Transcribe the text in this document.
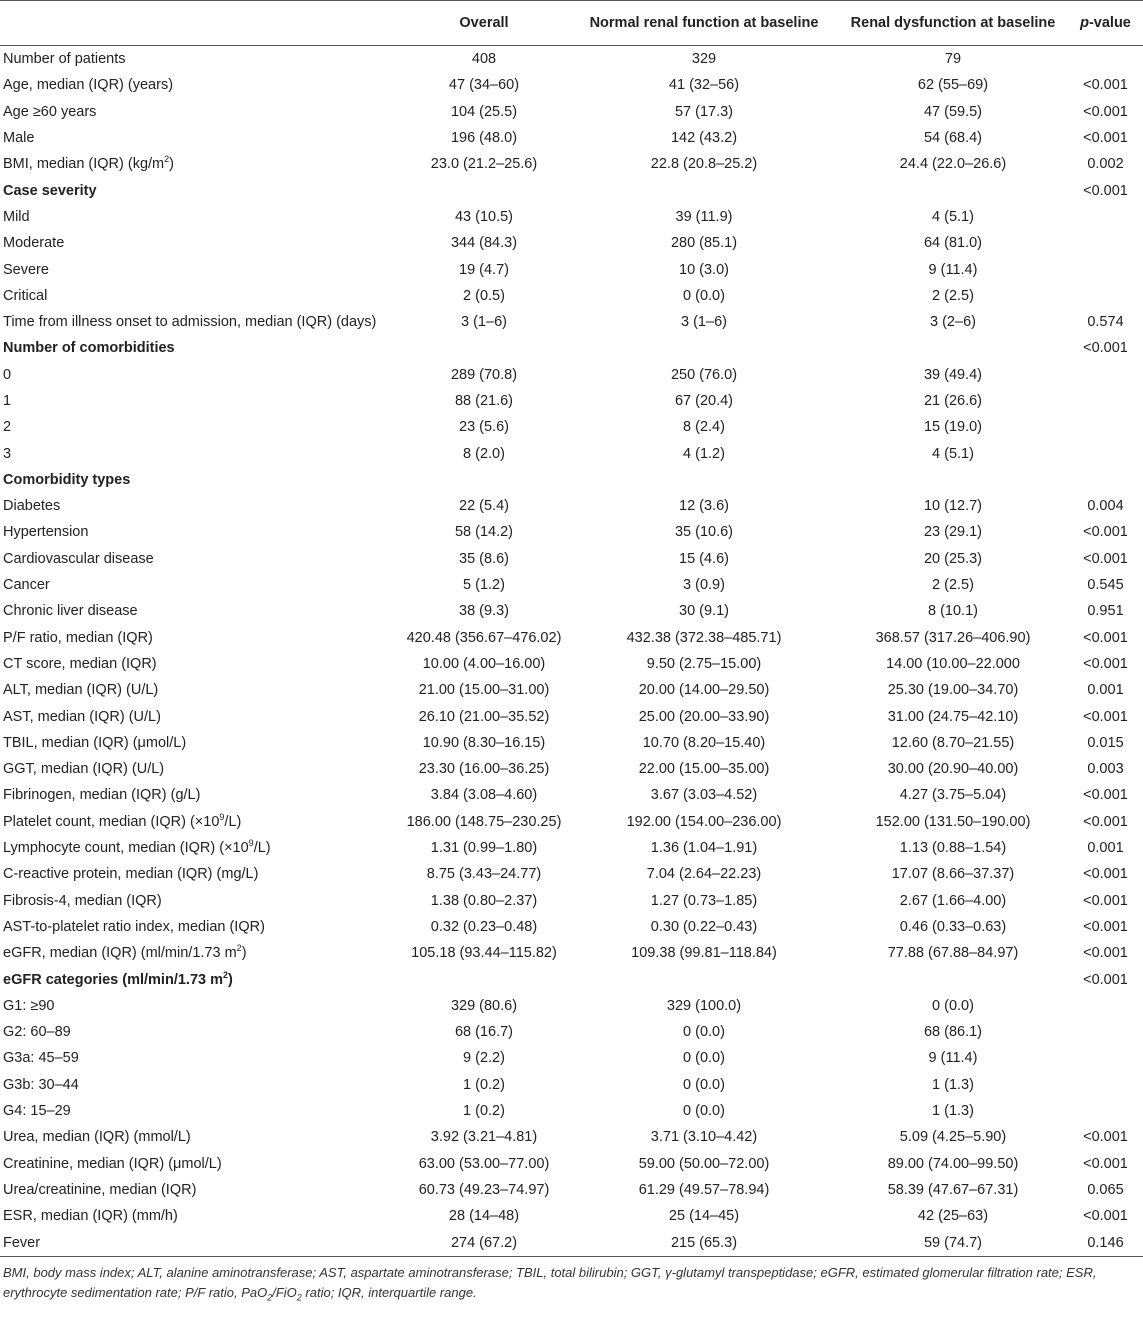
	Overall	Normal renal function at baseline	Renal dysfunction at baseline	p-value
Number of patients	408	329	79	
Age, median (IQR) (years)	47 (34–60)	41 (32–56)	62 (55–69)	<0.001
Age ≥60 years	104 (25.5)	57 (17.3)	47 (59.5)	<0.001
Male	196 (48.0)	142 (43.2)	54 (68.4)	<0.001
BMI, median (IQR) $(kg/m^2)$	23.0 (21.2–25.6)	22.8 (20.8–25.2)	24.4 (22.0–26.6)	0.002
Case severity				<0.001
Mild	43 (10.5)	39 (11.9)	4 (5.1)	
Moderate	344 (84.3)	280 (85.1)	64 (81.0)	
Severe	19 (4.7)	10 (3.0)	9 (11.4)	
Critical	2 (0.5)	0 (0.0)	2 (2.5)	
Time from illness onset to admission, median (IQR) (days)	3 (1–6)	3 (1–6)	3 (2–6)	0.574
Number of comorbidities				<0.001
0	289 (70.8)	250 (76.0)	39 (49.4)	
1	88 (21.6)	67 (20.4)	21 (26.6)	
2	23 (5.6)	8 (2.4)	15 (19.0)	
3	8 (2.0)	4 (1.2)	4 (5.1)	
Comorbidity types				
Diabetes	22 (5.4)	12 (3.6)	10 (12.7)	0.004
Hypertension	58 (14.2)	35 (10.6)	23 (29.1)	<0.001
Cardiovascular disease	35 (8.6)	15 (4.6)	20 (25.3)	<0.001
Cancer	5 (1.2)	3 (0.9)	2 (2.5)	0.545
Chronic liver disease	38 (9.3)	30 (9.1)	8 (10.1)	0.951
P/F ratio, median (IQR)	420.48 (356.67–476.02)	432.38 (372.38–485.71)	368.57 (317.26–406.90)	<0.001
CT score, median (IQR)	10.00 (4.00–16.00)	9.50 (2.75–15.00)	14.00 (10.00–22.000	<0.001
ALT, median (IQR) (U/L)	21.00 (15.00–31.00)	20.00 (14.00–29.50)	25.30 (19.00–34.70)	0.001
AST, median (IQR) (U/L)	26.10 (21.00–35.52)	25.00 (20.00–33.90)	31.00 (24.75–42.10)	<0.001
TBIL, median (IQR) (μmol/L)	10.90 (8.30–16.15)	10.70 (8.20–15.40)	12.60 (8.70–21.55)	0.015
GGT, median (IQR) (U/L)	23.30 (16.00–36.25)	22.00 (15.00–35.00)	30.00 (20.90–40.00)	0.003
Fibrinogen, median (IQR) (g/L)	3.84 (3.08–4.60)	3.67 (3.03–4.52)	4.27 (3.75–5.04)	<0.001
Platelet count, median (IQR) $(\times 10^9/L)$	186.00 (148.75–230.25)	192.00 (154.00–236.00)	152.00 (131.50–190.00)	<0.001
Lymphocyte count, median (IQR) $(\times 10^9/L)$	1.31 (0.99–1.80)	1.36 (1.04–1.91)	1.13 (0.88–1.54)	0.001
C-reactive protein, median (IQR) (mg/L)	8.75 (3.43–24.77)	7.04 (2.64–22.23)	17.07 (8.66–37.37)	<0.001
Fibrosis-4, median (IQR)	1.38 (0.80–2.37)	1.27 (0.73–1.85)	2.67 (1.66–4.00)	<0.001
AST-to-platelet ratio index, median (IQR)	0.32 (0.23–0.48)	0.30 (0.22–0.43)	0.46 (0.33–0.63)	<0.001
eGFR, median (IQR) (ml/min/1.73 $m^2$)	105.18 (93.44–115.82)	109.38 (99.81–118.84)	77.88 (67.88–84.97)	<0.001
eGFR categories (ml/min/1.73 $m^2$)				<0.001
G1: ≥90	329 (80.6)	329 (100.0)	0 (0.0)	
G2: 60–89	68 (16.7)	0 (0.0)	68 (86.1)	
G3a: 45–59	9 (2.2)	0 (0.0)	9 (11.4)	
G3b: 30–44	1 (0.2)	0 (0.0)	1 (1.3)	
G4: 15–29	1 (0.2)	0 (0.0)	1 (1.3)	
Urea, median (IQR) (mmol/L)	3.92 (3.21–4.81)	3.71 (3.10–4.42)	5.09 (4.25–5.90)	<0.001
Creatinine, median (IQR) (μmol/L)	63.00 (53.00–77.00)	59.00 (50.00–72.00)	89.00 (74.00–99.50)	<0.001
Urea/creatinine, median (IQR)	60.73 (49.23–74.97)	61.29 (49.57–78.94)	58.39 (47.67–67.31)	0.065
ESR, median (IQR) (mm/h)	28 (14–48)	25 (14–45)	42 (25–63)	<0.001
Fever	274 (67.2)	215 (65.3)	59 (74.7)	0.146
BMI, body mass index; ALT, alanine aminotransferase; AST, aspartate aminotransferase; TBIL, total bilirubin; GGT, γ-glutamyl transpeptidase; eGFR, estimated glomerular filtration rate; ESR, erythrocyte sedimentation rate; P/F ratio, PaO$_2$/FiO$_2$ ratio; IQR, interquartile range.
